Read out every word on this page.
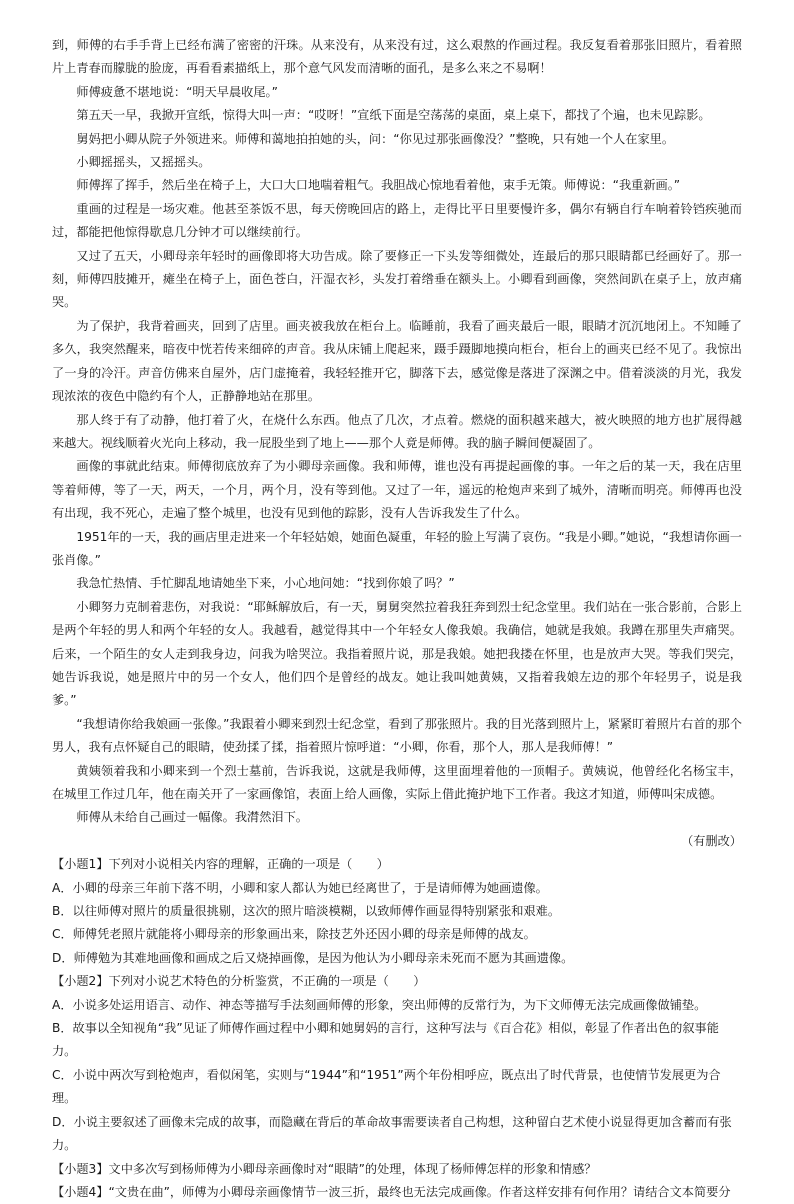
到，师傅的右手手背上已经布满了密密的汗珠。从来没有，从来没有过，这么艰熬的作画过程。我反复看着那张旧照片，看着照片上青春而朦胧的脸庞，再看看素描纸上，那个意气风发而清晰的面孔，是多么来之不易啊！

师傅疲惫不堪地说：“明天早晨收尾。”

第五天一早，我掀开宣纸，惊得大叫一声：“哎呀！”宣纸下面是空荡荡的桌面，桌上桌下，都找了个遍，也未见踪影。

舅妈把小卿从院子外领进来。师傅和蔼地拍拍她的头，问：“你见过那张画像没？”整晚，只有她一个人在家里。

小卿摇摇头，又摇摇头。

师傅挥了挥手，然后坐在椅子上，大口大口地喘着粗气。我胆战心惊地看着他，束手无策。师傅说：“我重新画。”

重画的过程是一场灾难。他甚至茶饭不思，每天傍晚回店的路上，走得比平日里要慢许多，偶尔有辆自行车响着铃铛疾驰而过，都能把他惊得歇息几分钟才可以继续前行。

又过了五天，小卿母亲年轻时的画像即将大功告成。除了要修正一下头发等细微处，连最后的那只眼睛都已经画好了。那一刻，师傅四肢摊开，瘫坐在椅子上，面色苍白，汗湿衣衫，头发打着绺垂在额头上。小卿看到画像，突然间趴在桌子上，放声痛哭。

为了保护，我背着画夹，回到了店里。画夹被我放在柜台上。临睡前，我看了画夹最后一眼，眼睛才沉沉地闭上。不知睡了多久，我突然醒来，暗夜中恍若传来细碎的声音。我从床铺上爬起来，蹑手蹑脚地摸向柜台，柜台上的画夹已经不见了。我惊出了一身的冷汗。声音仿佛来自屋外，店门虚掩着，我轻轻推开它，脚落下去，感觉像是落进了深渊之中。借着淡淡的月光，我发现浓浓的夜色中隐约有个人，正静静地站在那里。

那人终于有了动静，他打着了火，在烧什么东西。他点了几次，才点着。燃烧的面积越来越大，被火映照的地方也扩展得越来越大。视线顺着火光向上移动，我一屁股坐到了地上——那个人竟是师傅。我的脑子瞬间便凝固了。

画像的事就此结束。师傅彻底放弃了为小卿母亲画像。我和师傅，谁也没有再提起画像的事。一年之后的某一天，我在店里等着师傅，等了一天，两天，一个月，两个月，没有等到他。又过了一年，遥远的枪炮声来到了城外，清晰而明亮。师傅再也没有出现，我不死心，走遍了整个城里，也没有见到他的踪影，没有人告诉我发生了什么。

1951年的一天，我的画店里走进来一个年轻姑娘，她面色凝重，年轻的脸上写满了哀伤。“我是小卿。”她说，“我想请你画一张肖像。”

我急忙热情、手忙脚乱地请她坐下来，小心地问她：“找到你娘了吗？”

小卿努力克制着悲伤，对我说：“耶稣解放后，有一天，舅舅突然拉着我狂奔到烈士纪念堂里。我们站在一张合影前，合影上是两个年轻的男人和两个年轻的女人。我越看，越觉得其中一个年轻女人像我娘。我确信，她就是我娘。我蹲在那里失声痛哭。后来，一个陌生的女人走到我身边，问我为啥哭泣。我指着照片说，那是我娘。她把我搂在怀里，也是放声大哭。等我们哭完，她告诉我说，她是照片中的另一个女人，他们四个是曾经的战友。她让我叫她黄姨，又指着我娘左边的那个年轻男子，说是我爹。”

“我想请你给我娘画一张像。”我跟着小卿来到烈士纪念堂，看到了那张照片。我的目光落到照片上，紧紧盯着照片右首的那个男人，我有点怀疑自己的眼睛，使劲揉了揉，指着照片惊呼道：“小卿，你看，那个人，那人是我师傅！”

黄姨领着我和小卿来到一个烈士墓前，告诉我说，这就是我师傅，这里面埋着他的一顶帽子。黄姨说，他曾经化名杨宝丰，在城里工作过几年，他在南关开了一家画像馆，表面上给人画像，实际上借此掩护地下工作者。我这才知道，师傅叫宋成德。

师傅从未给自己画过一幅像。我潸然泪下。

（有删改）

【小题1】下列对小说相关内容的理解，正确的一项是（　　）

A．小卿的母亲三年前下落不明，小卿和家人都认为她已经离世了，于是请师傅为她画遗像。

B．以往师傅对照片的质量很挑剔，这次的照片暗淡模糊，以致师傅作画显得特别紧张和艰难。

C．师傅凭老照片就能将小卿母亲的形象画出来，除技艺外还因小卿的母亲是师傅的战友。

D．师傅勉为其难地画像和画成之后又烧掉画像，是因为他认为小卿母亲未死而不愿为其画遗像。

【小题2】下列对小说艺术特色的分析鉴赏，不正确的一项是（　　）

A．小说多处运用语言、动作、神态等描写手法刻画师傅的形象，突出师傅的反常行为，为下文师傅无法完成画像做铺垫。

B．故事以全知视角“我”见证了师傅作画过程中小卿和她舅妈的言行，这种写法与《百合花》相似，彰显了作者出色的叙事能力。

C．小说中两次写到枪炮声，看似闲笔，实则与“1944”和“1951”两个年份相呼应，既点出了时代背景，也使情节发展更为合理。

D．小说主要叙述了画像未完成的故事，而隐藏在背后的革命故事需要读者自己构想，这种留白艺术使小说显得更加含蓄而有张力。

【小题3】文中多次写到杨师傅为小卿母亲画像时对“眼睛”的处理，体现了杨师傅怎样的形象和情感？

【小题4】“文贵在曲”，师傅为小卿母亲画像情节一波三折，最终也无法完成画像。作者这样安排有何作用？请结合文本简要分
